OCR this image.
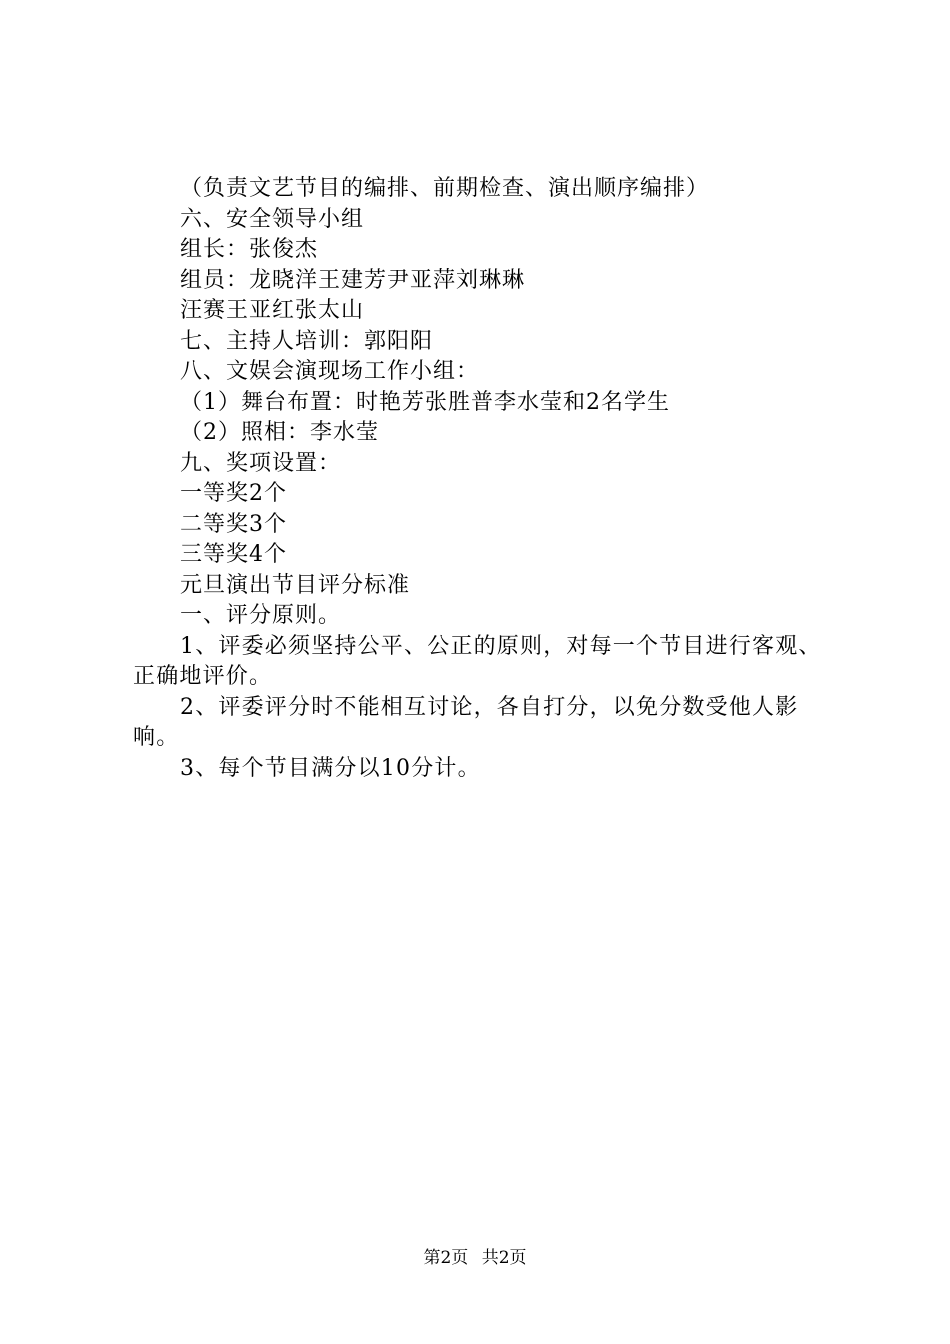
（负责文艺节目的编排、前期检查、演出顺序编排）
六、安全领导小组
组长：张俊杰
组员：龙晓洋王建芳尹亚萍刘琳琳
汪赛王亚红张太山
七、主持人培训：郭阳阳
八、文娱会演现场工作小组：
（1）舞台布置：时艳芳张胜普李水莹和2名学生
（2）照相：李水莹
九、奖项设置：
一等奖2个
二等奖3个
三等奖4个
元旦演出节目评分标准
一、评分原则。
1、评委必须坚持公平、公正的原则，对每一个节目进行客观、正确地评价。
2、评委评分时不能相互讨论，各自打分，以免分数受他人影响。
3、每个节目满分以10分计。
第2页 共2页
